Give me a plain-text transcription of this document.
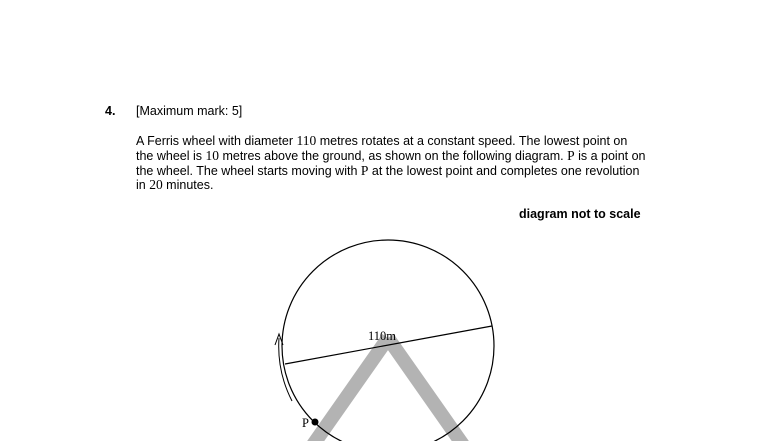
4. [Maximum mark: 5]
A Ferris wheel with diameter 110 metres rotates at a constant speed. The lowest point on
the wheel is 10 metres above the ground, as shown on the following diagram. P is a point on
the wheel. The wheel starts moving with P at the lowest point and completes one revolution
in 20 minutes.
diagram not to scale
P
110m
